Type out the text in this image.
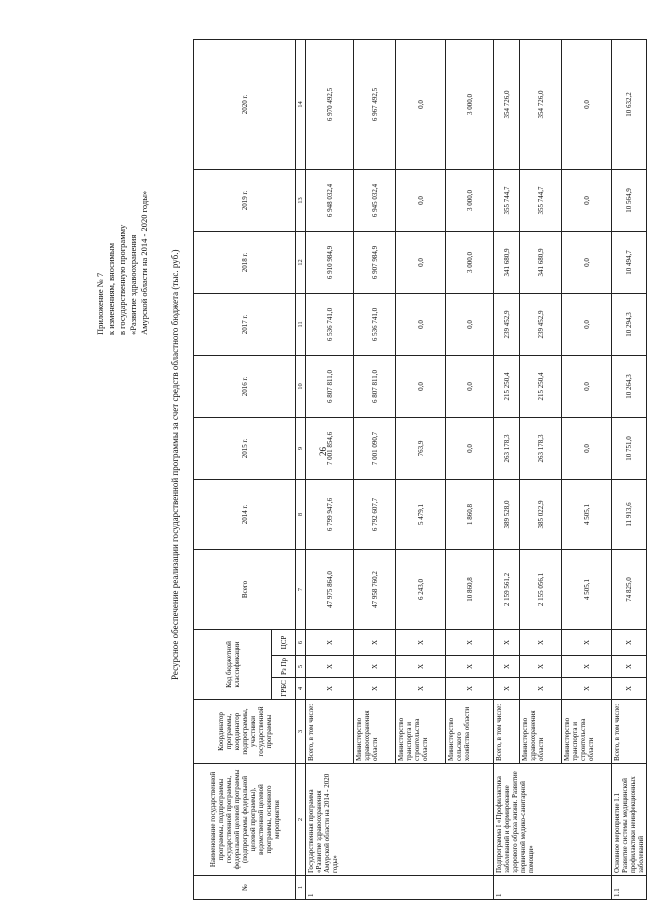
26
Приложение № 7 к изменениям, вносимым в государственную программу «Развитие здравоохранения Амурской области на 2014 - 2020 годы» Ресурсное обеспечение реализации государственной программы за счет средств областного бюджета (тыс. руб.)
№	Наименование государственной программы, подпрограммы государственной программы, федеральной целевой программы (подпрограммы федеральной целевой программы), ведомственной целевой программы, основного мероприятия	Координатор программы, координатор подпрограммы, участники государственной программы	Код бюджетной классификации			Всего	2014 г.	2015 г.	2016 г.	2017 г.	2018 г.	2019 г.	2020 г.
			ГРБС	Рз Пр	ЦСР								
1	2	3	4	5	6	7	8	9	10	11	12	13	14
1	Государственная программа «Развитие здравоохранения Амурской области на 2014 - 2020 годы»	Всего, в том числе:	X	X	X	47 975 864,0	6 799 947,6	7 001 854,6	6 807 811,0	6 536 741,0	6 910 984,9	6 948 032,4	6 970 492,5
		Министерство здравоохранения области	X	X	X	47 958 760,2	6 792 607,7	7 001 090,7	6 807 811,0	6 536 741,0	6 907 984,9	6 945 032,4	6 967 492,5
		Министерство транспорта и строительства области	X	X	X	6 243,0	5 479,1	763,9	0,0	0,0	0,0	0,0	0,0
		Министерство сельского хозяйства области	X	X	X	10 860,8	1 860,8	0,0	0,0	0,0	3 000,0	3 000,0	3 000,0
1	Подпрограмма I «Профилактика заболеваний и формирование здорового образа жизни. Развитие первичной медико-санитарной помощи»	Всего, в том числе:	X	X	X	2 159 561,2	389 528,0	263 178,3	215 250,4	239 452,9	341 680,9	355 744,7	354 726,0
		Министерство здравоохранения области	X	X	X	2 155 056,1	385 022,9	263 178,3	215 250,4	239 452,9	341 680,9	355 744,7	354 726,0
		Министерство транспорта и строительства области	X	X	X	4 505,1	4 505,1	0,0	0,0	0,0	0,0	0,0	0,0
1.1	Основное мероприятие 1.1 Развитие системы медицинской профилактики неинфекционных заболеваний	Всего, в том числе:	X	X	X	74 825,0	11 913,6	10 751,0	10 264,3	10 294,3	10 494,7	10 564,9	10 632,2
